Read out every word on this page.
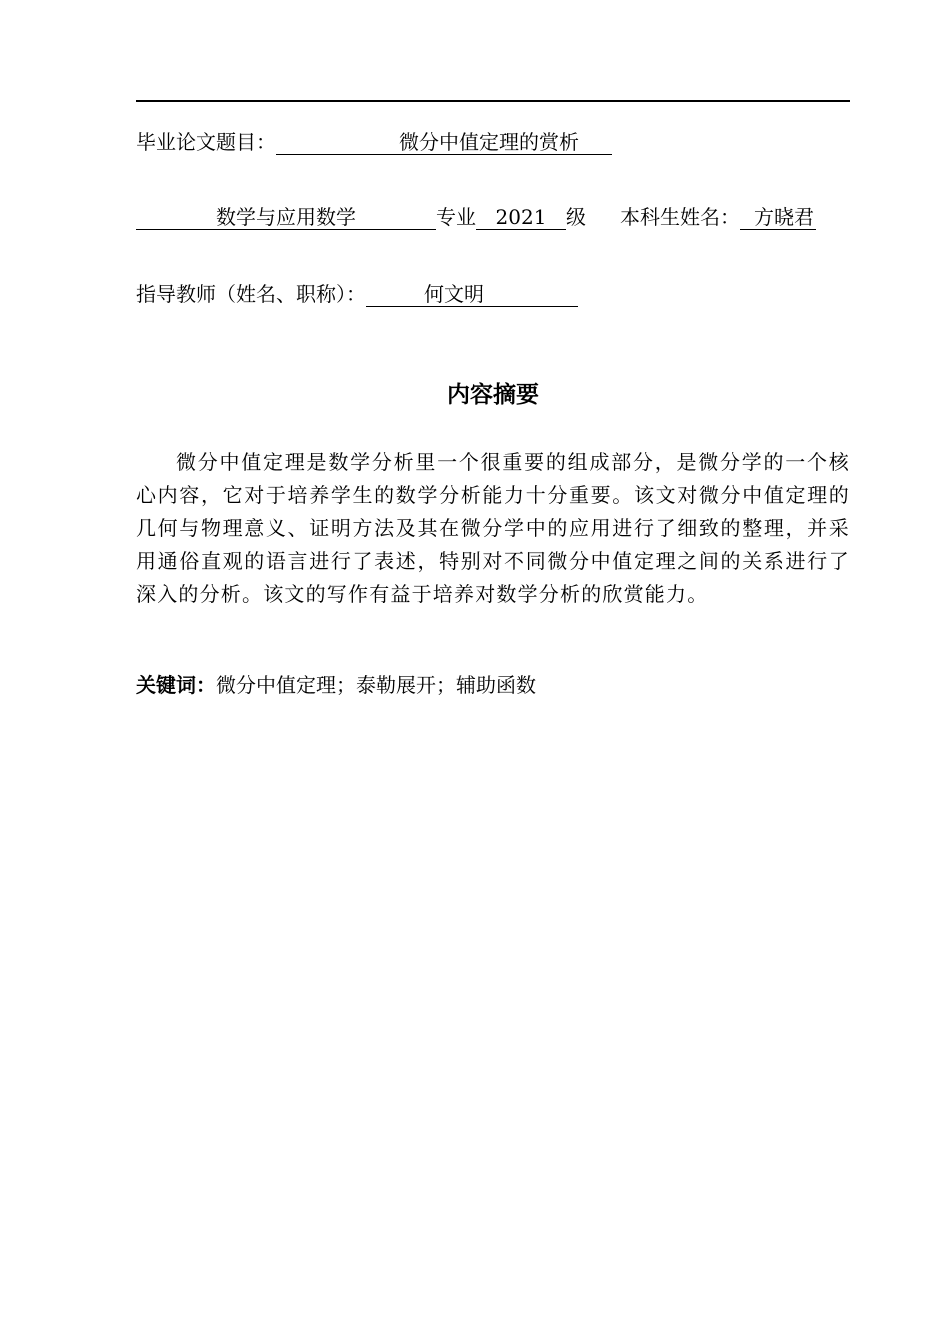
毕业论文题目：	微分中值定理的赏析
数学与应用数学	专业 2021 级 本科生姓名： 方晓君
指导教师（姓名、职称）：	何文明
内容摘要

微分中值定理是数学分析里一个很重要的组成部分，是微分学的一个核心内容，它对于培养学生的数学分析能力十分重要。该文对微分中值定理的几何与物理意义、证明方法及其在微分学中的应用进行了细致的整理，并采用通俗直观的语言进行了表述，特别对不同微分中值定理之间的关系进行了深入的分析。该文的写作有益于培养对数学分析的欣赏能力。

关键词：微分中值定理；泰勒展开；辅助函数
